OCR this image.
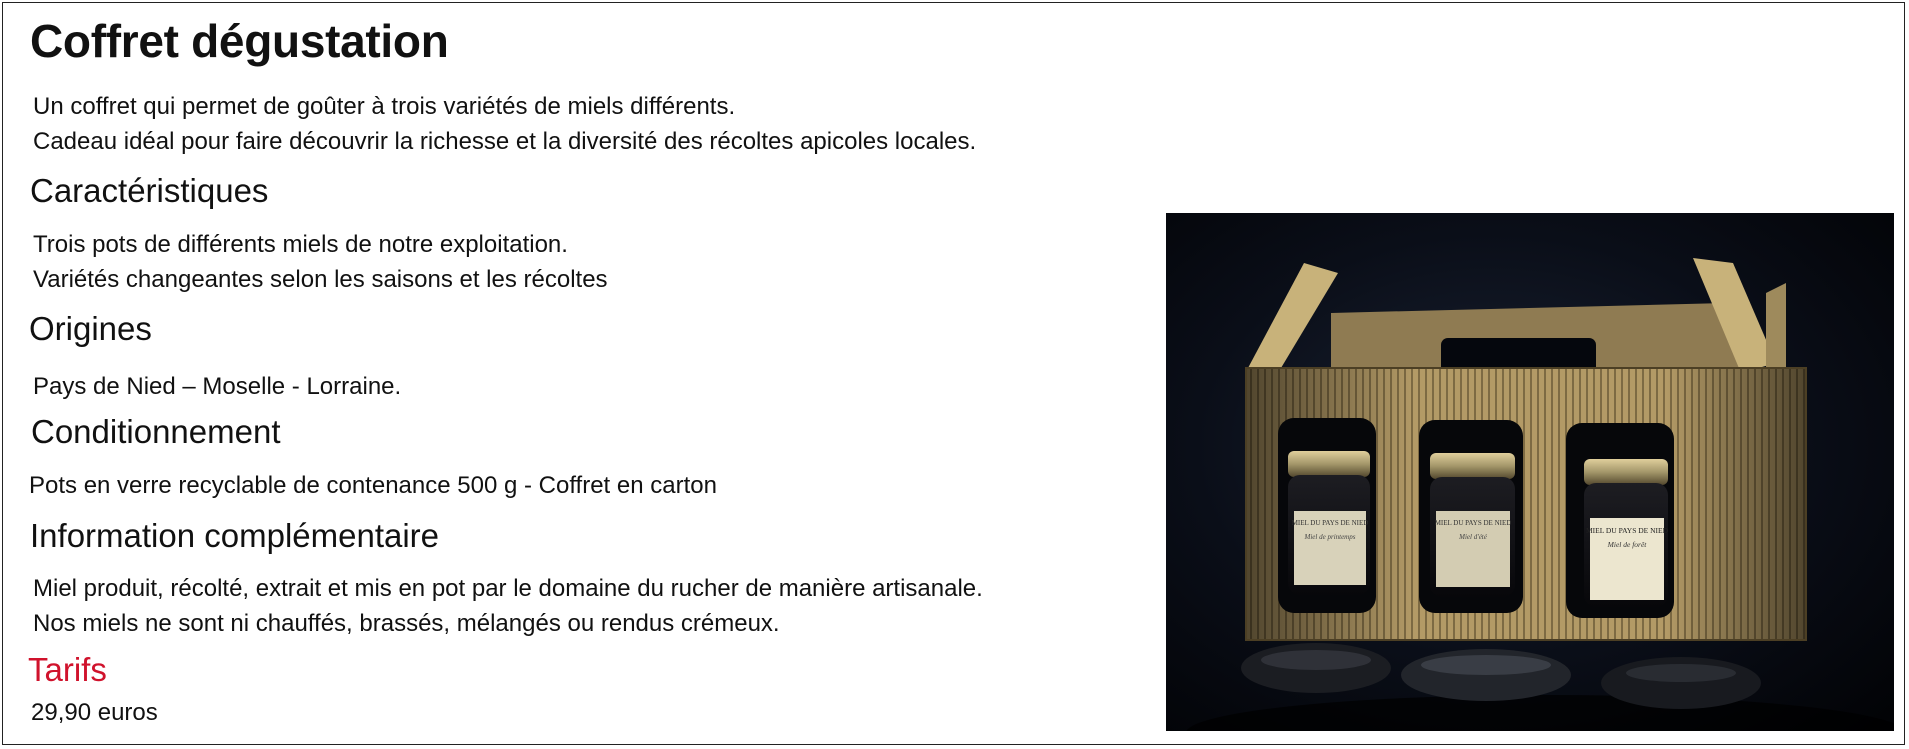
Coffret dégustation

Un coffret qui permet de goûter à trois variétés de miels différents.

Cadeau idéal pour faire découvrir la richesse et la diversité des récoltes apicoles locales.

Caractéristiques

Trois pots de différents miels de notre exploitation.

Variétés changeantes selon les saisons et les récoltes

Origines

Pays de Nied – Moselle - Lorraine.

Conditionnement

Pots en verre recyclable de contenance 500 g - Coffret en carton

Information complémentaire

Miel produit, récolté, extrait et mis en pot par le domaine du rucher de manière artisanale.

Nos miels ne sont ni chauffés, brassés, mélangés ou rendus crémeux.

Tarifs

29,90 euros

MIEL DU PAYS DE NIED
Miel de printemps
MIEL DU PAYS DE NIED
Miel d'été
MIEL DU PAYS DE NIED
Miel de forêt
